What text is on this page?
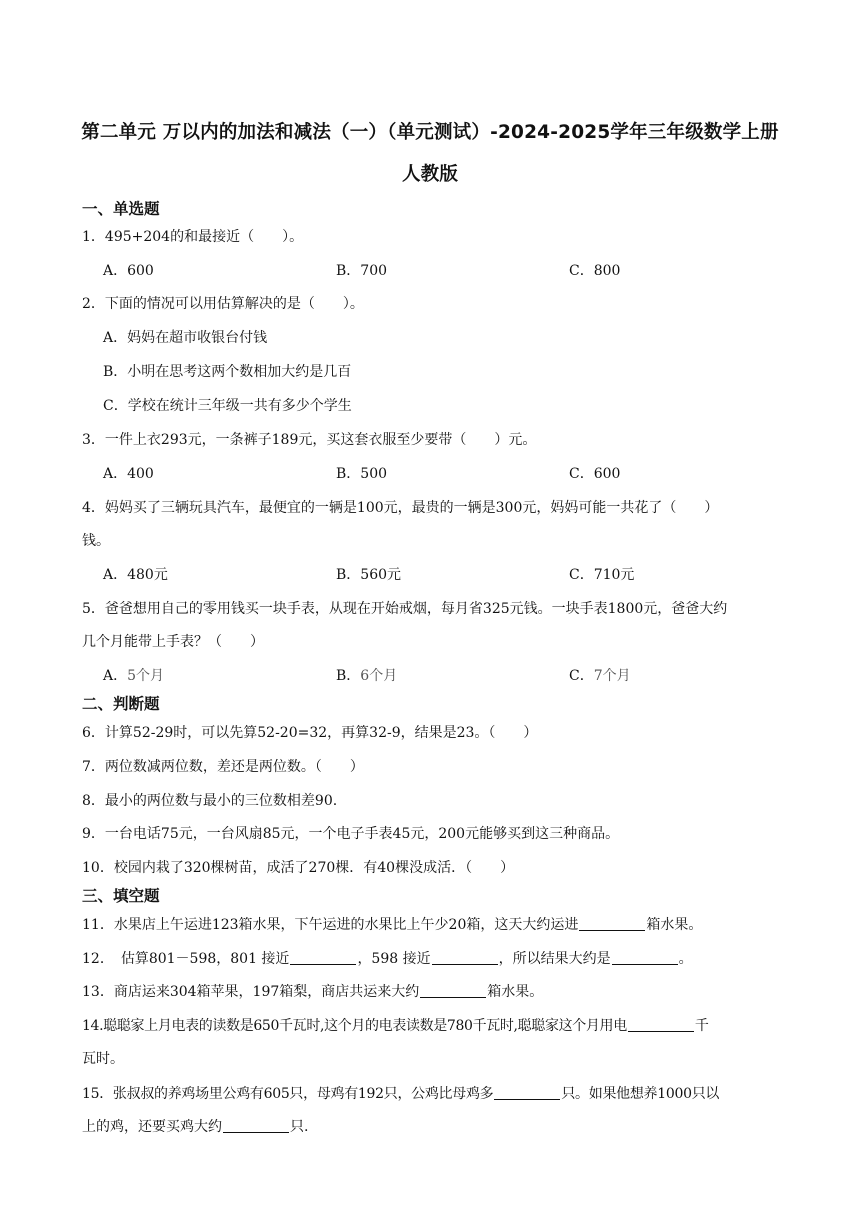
第二单元 万以内的加法和减法（一）（单元测试）-2024-2025学年三年级数学上册
人教版
一、单选题
1．495+204的和最接近（　　）。
A．600	B．700	C．800
2．下面的情况可以用估算解决的是（　　）。
A．妈妈在超市收银台付钱
B．小明在思考这两个数相加大约是几百
C．学校在统计三年级一共有多少个学生
3．一件上衣293元，一条裤子189元，买这套衣服至少要带（　　）元。
A．400	B．500	C．600
4．妈妈买了三辆玩具汽车，最便宜的一辆是100元，最贵的一辆是300元，妈妈可能一共花了（　　）
钱。
A．480元	B．560元	C．710元
5．爸爸想用自己的零用钱买一块手表，从现在开始戒烟，每月省325元钱。一块手表1800元，爸爸大约
几个月能带上手表？（　　）
A．5个月	B．6个月	C．7个月
二、判断题
6．计算52-29时，可以先算52-20=32，再算32-9，结果是23。（　　）
7．两位数减两位数，差还是两位数。（　　）
8．最小的两位数与最小的三位数相差90.
9．一台电话75元，一台风扇85元，一个电子手表45元，200元能够买到这三种商品。
10．校园内栽了320棵树苗，成活了270棵．有40棵没成活．（　　）
三、填空题
11．水果店上午运进123箱水果，下午运进的水果比上午少20箱，这天大约运进	箱水果。
12．　估算801－598，801 接近	，598 接近	，所以结果大约是	。
13．商店运来304箱苹果，197箱梨，商店共运来大约	箱水果。
14.聪聪家上月电表的读数是650千瓦时,这个月的电表读数是780千瓦时,聪聪家这个月用电	千
瓦时。
15．张叔叔的养鸡场里公鸡有605只，母鸡有192只，公鸡比母鸡多	只。如果他想养1000只以
上的鸡，还要买鸡大约	只.
